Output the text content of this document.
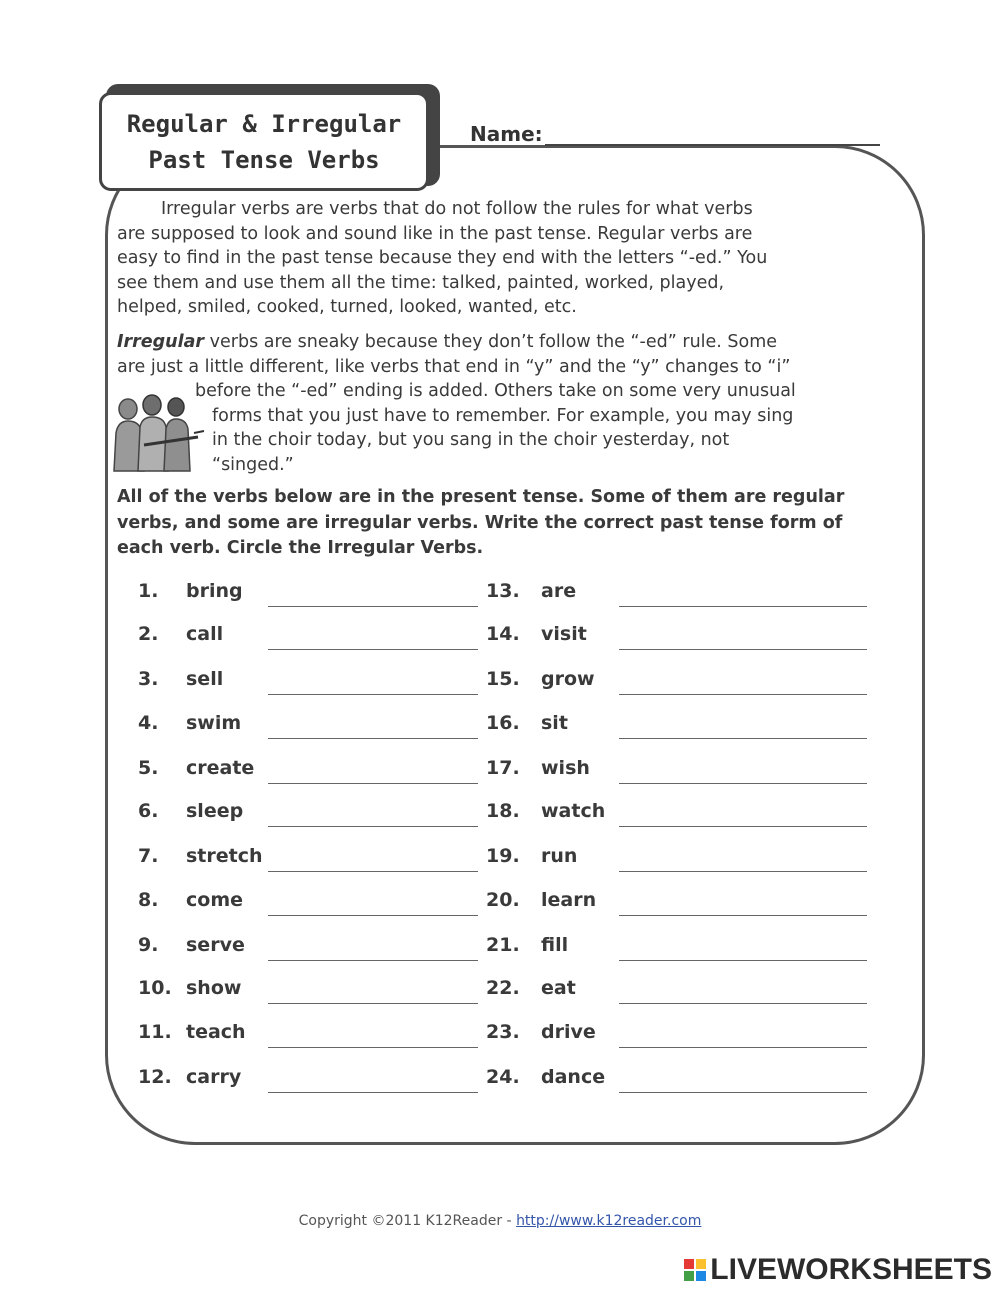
Regular & Irregular
Past Tense Verbs
Name:
Irregular verbs are verbs that do not follow the rules for what verbs
are supposed to look and sound like in the past tense. Regular verbs are
easy to find in the past tense because they end with the letters “-ed.” You
see them and use them all the time: talked, painted, worked, played,
helped, smiled, cooked, turned, looked, wanted, etc.
Irregular verbs are sneaky because they don’t follow the “-ed” rule. Some
are just a little different, like verbs that end in “y” and the “y” changes to “i”
before the “-ed” ending is added. Others take on some very unusual
forms that you just have to remember. For example, you may sing
in the choir today, but you sang in the choir yesterday, not
“singed.”
All of the verbs below are in the present tense. Some of them are regular
verbs, and some are irregular verbs. Write the correct past tense form of
each verb. Circle the Irregular Verbs.
1. bring
2. call
3. sell
4. swim
5. create
6. sleep
7. stretch
8. come
9. serve
10. show
11. teach
12. carry
13. are
14. visit
15. grow
16. sit
17. wish
18. watch
19. run
20. learn
21. fill
22. eat
23. drive
24. dance
Copyright ©2011 K12Reader - http://www.k12reader.com
LIVEWORKSHEETS
